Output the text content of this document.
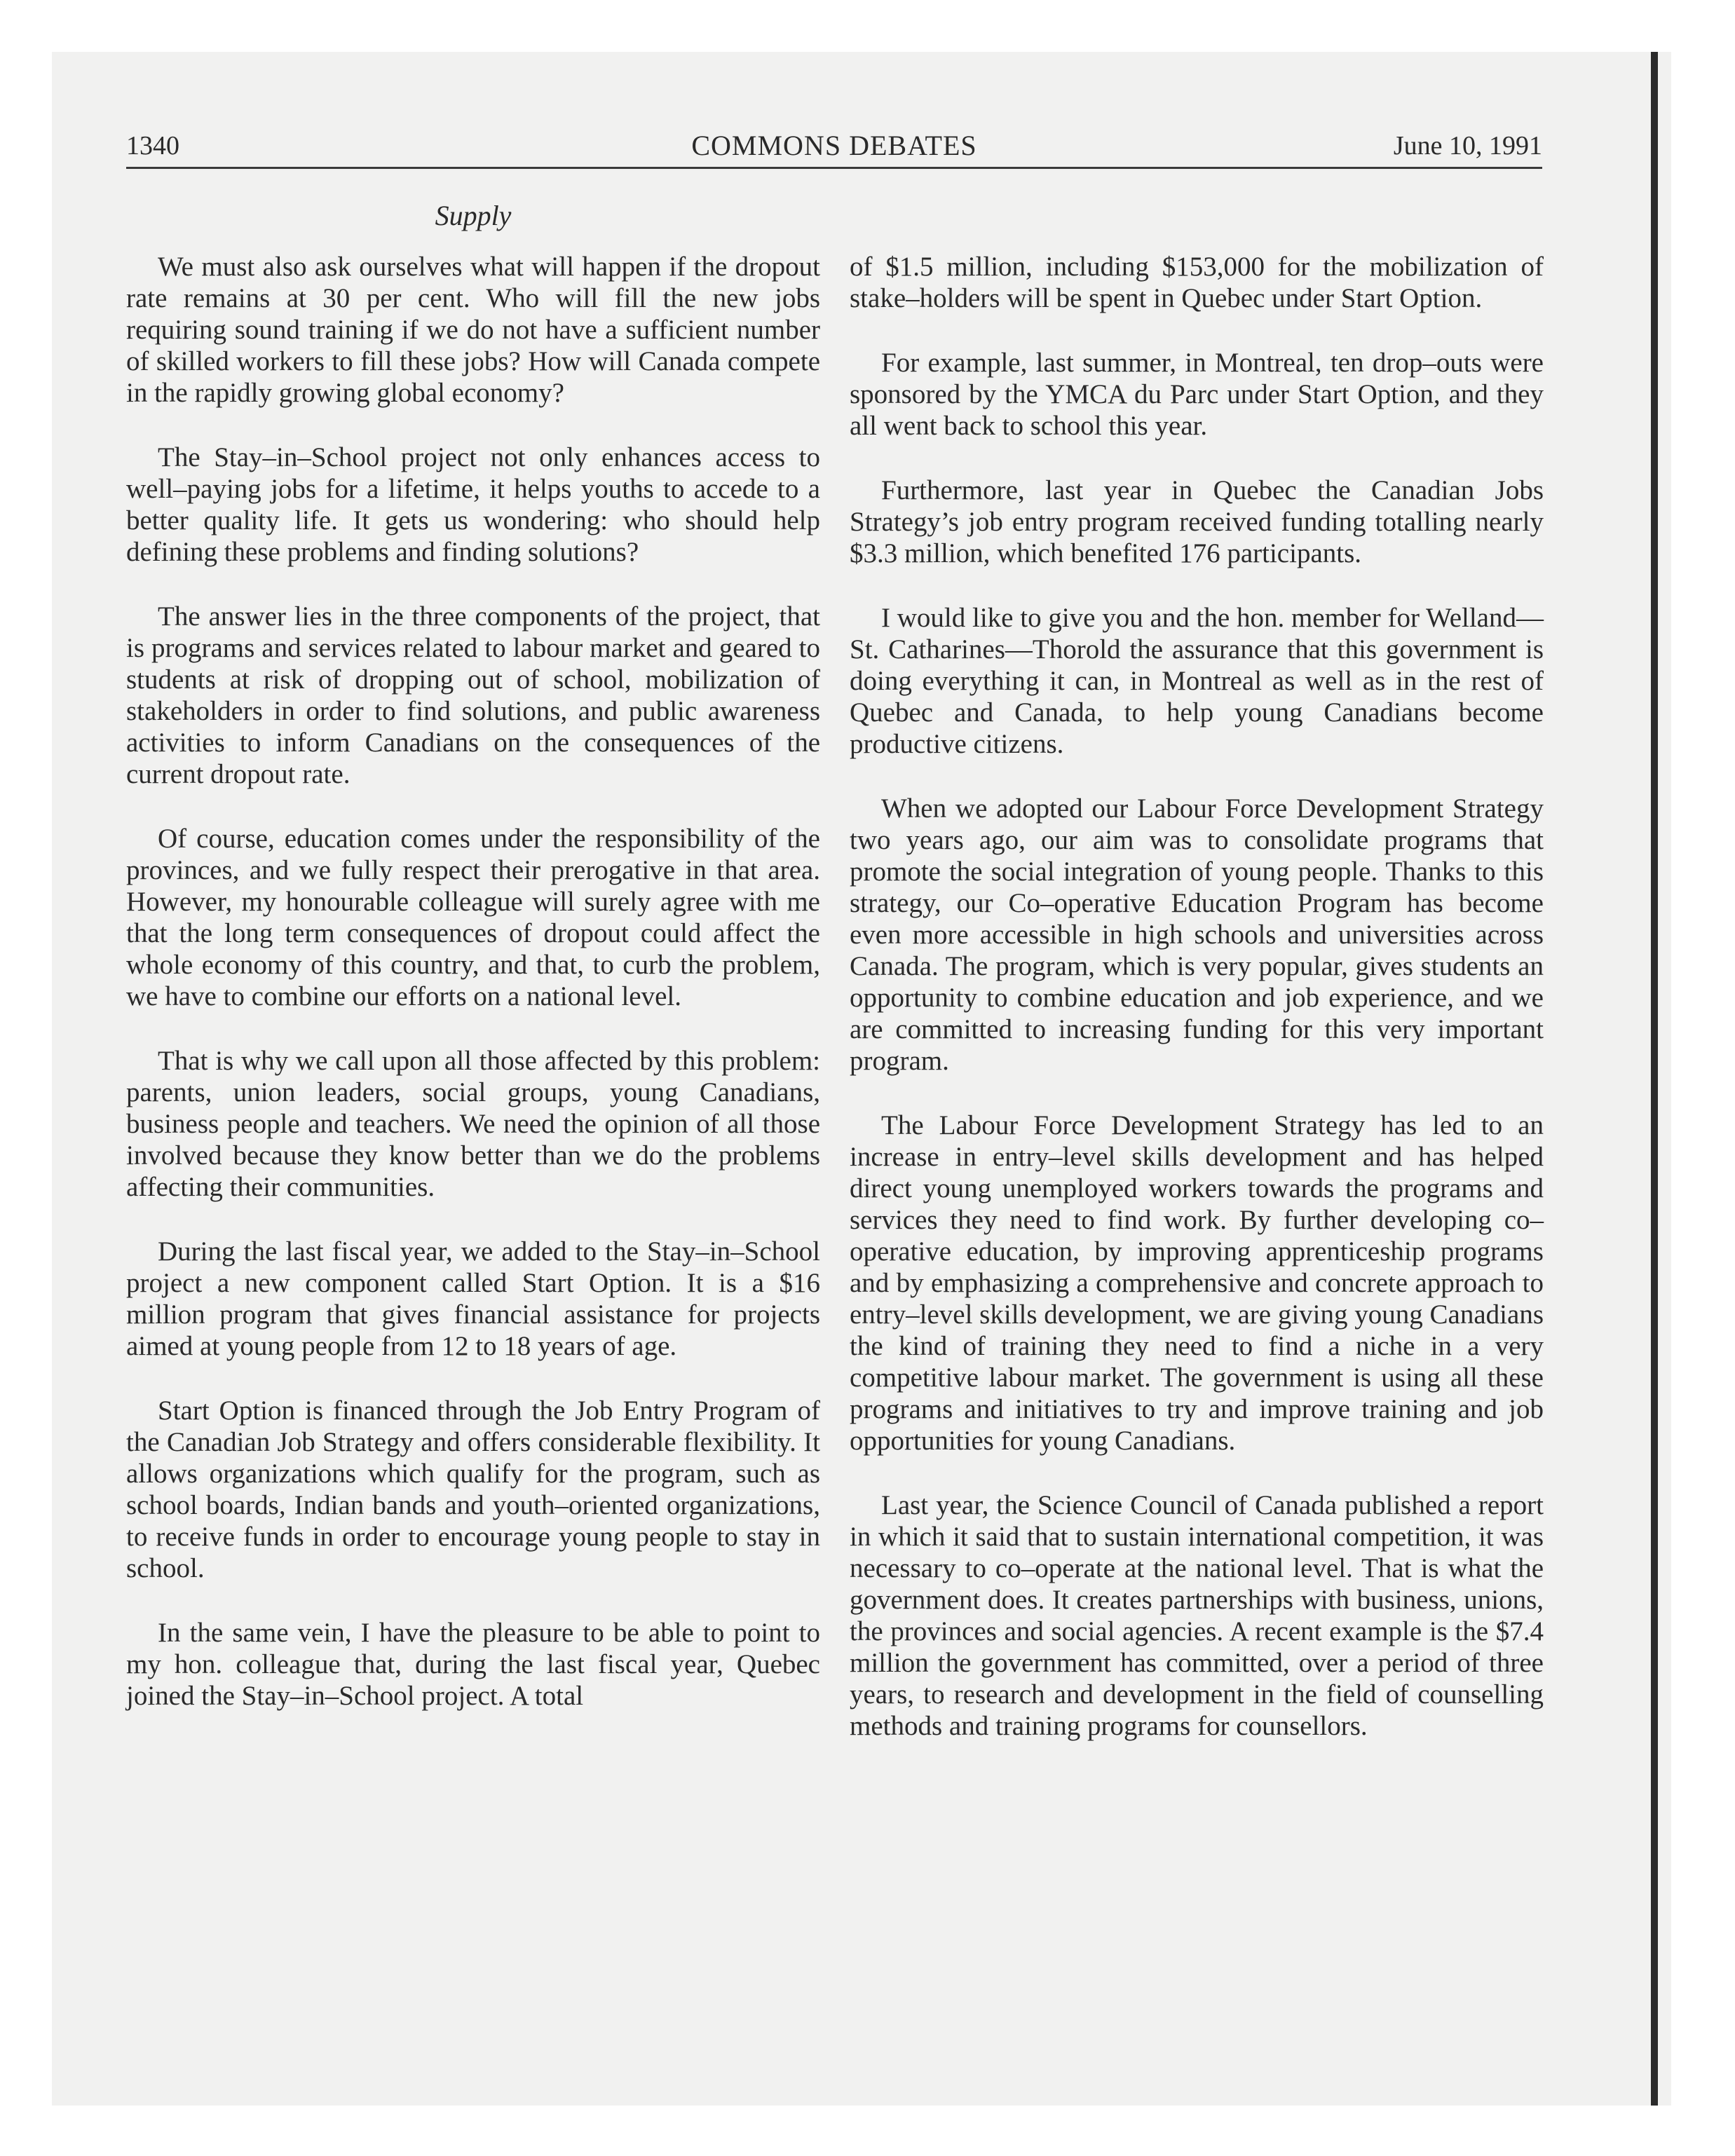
1340	COMMONS DEBATES	June 10, 1991
Supply

We must also ask ourselves what will happen if the dropout rate remains at 30 per cent. Who will fill the new jobs requiring sound training if we do not have a sufficient number of skilled workers to fill these jobs? How will Canada compete in the rapidly growing global economy?

The Stay–in–School project not only enhances access to well–paying jobs for a lifetime, it helps youths to accede to a better quality life. It gets us wondering: who should help defining these problems and finding solutions?

The answer lies in the three components of the project, that is programs and services related to labour market and geared to students at risk of dropping out of school, mobilization of stakeholders in order to find solutions, and public awareness activities to inform Canadians on the consequences of the current dropout rate.

Of course, education comes under the responsibility of the provinces, and we fully respect their prerogative in that area. However, my honourable colleague will surely agree with me that the long term consequences of dropout could affect the whole economy of this country, and that, to curb the problem, we have to combine our efforts on a national level.

That is why we call upon all those affected by this problem: parents, union leaders, social groups, young Canadians, business people and teachers. We need the opinion of all those involved because they know better than we do the problems affecting their communities.

During the last fiscal year, we added to the Stay–in–School project a new component called Start Option. It is a $16 million program that gives financial assistance for projects aimed at young people from 12 to 18 years of age.

Start Option is financed through the Job Entry Program of the Canadian Job Strategy and offers considerable flexibility. It allows organizations which qualify for the program, such as school boards, Indian bands and youth–oriented organizations, to receive funds in order to encourage young people to stay in school.

In the same vein, I have the pleasure to be able to point to my hon. colleague that, during the last fiscal year, Quebec joined the Stay–in–School project. A total

of $1.5 million, including $153,000 for the mobilization of stake–holders will be spent in Quebec under Start Option.

For example, last summer, in Montreal, ten drop–outs were sponsored by the YMCA du Parc under Start Option, and they all went back to school this year.

Furthermore, last year in Quebec the Canadian Jobs Strategy’s job entry program received funding totalling nearly $3.3 million, which benefited 176 participants.

I would like to give you and the hon. member for Welland—St. Catharines—Thorold the assurance that this government is doing everything it can, in Montreal as well as in the rest of Quebec and Canada, to help young Canadians become productive citizens.

When we adopted our Labour Force Development Strategy two years ago, our aim was to consolidate programs that promote the social integration of young people. Thanks to this strategy, our Co–operative Education Program has become even more accessible in high schools and universities across Canada. The program, which is very popular, gives students an opportunity to combine education and job experience, and we are committed to increasing funding for this very important program.

The Labour Force Development Strategy has led to an increase in entry–level skills development and has helped direct young unemployed workers towards the programs and services they need to find work. By further developing co–operative education, by improving apprenticeship programs and by emphasizing a comprehensive and concrete approach to entry–level skills development, we are giving young Canadians the kind of training they need to find a niche in a very competitive labour market. The government is using all these programs and initiatives to try and improve training and job opportunities for young Canadians.

Last year, the Science Council of Canada published a report in which it said that to sustain international competition, it was necessary to co–operate at the national level. That is what the government does. It creates partnerships with business, unions, the provinces and social agencies. A recent example is the $7.4 million the government has committed, over a period of three years, to research and development in the field of counselling methods and training programs for counsellors.
